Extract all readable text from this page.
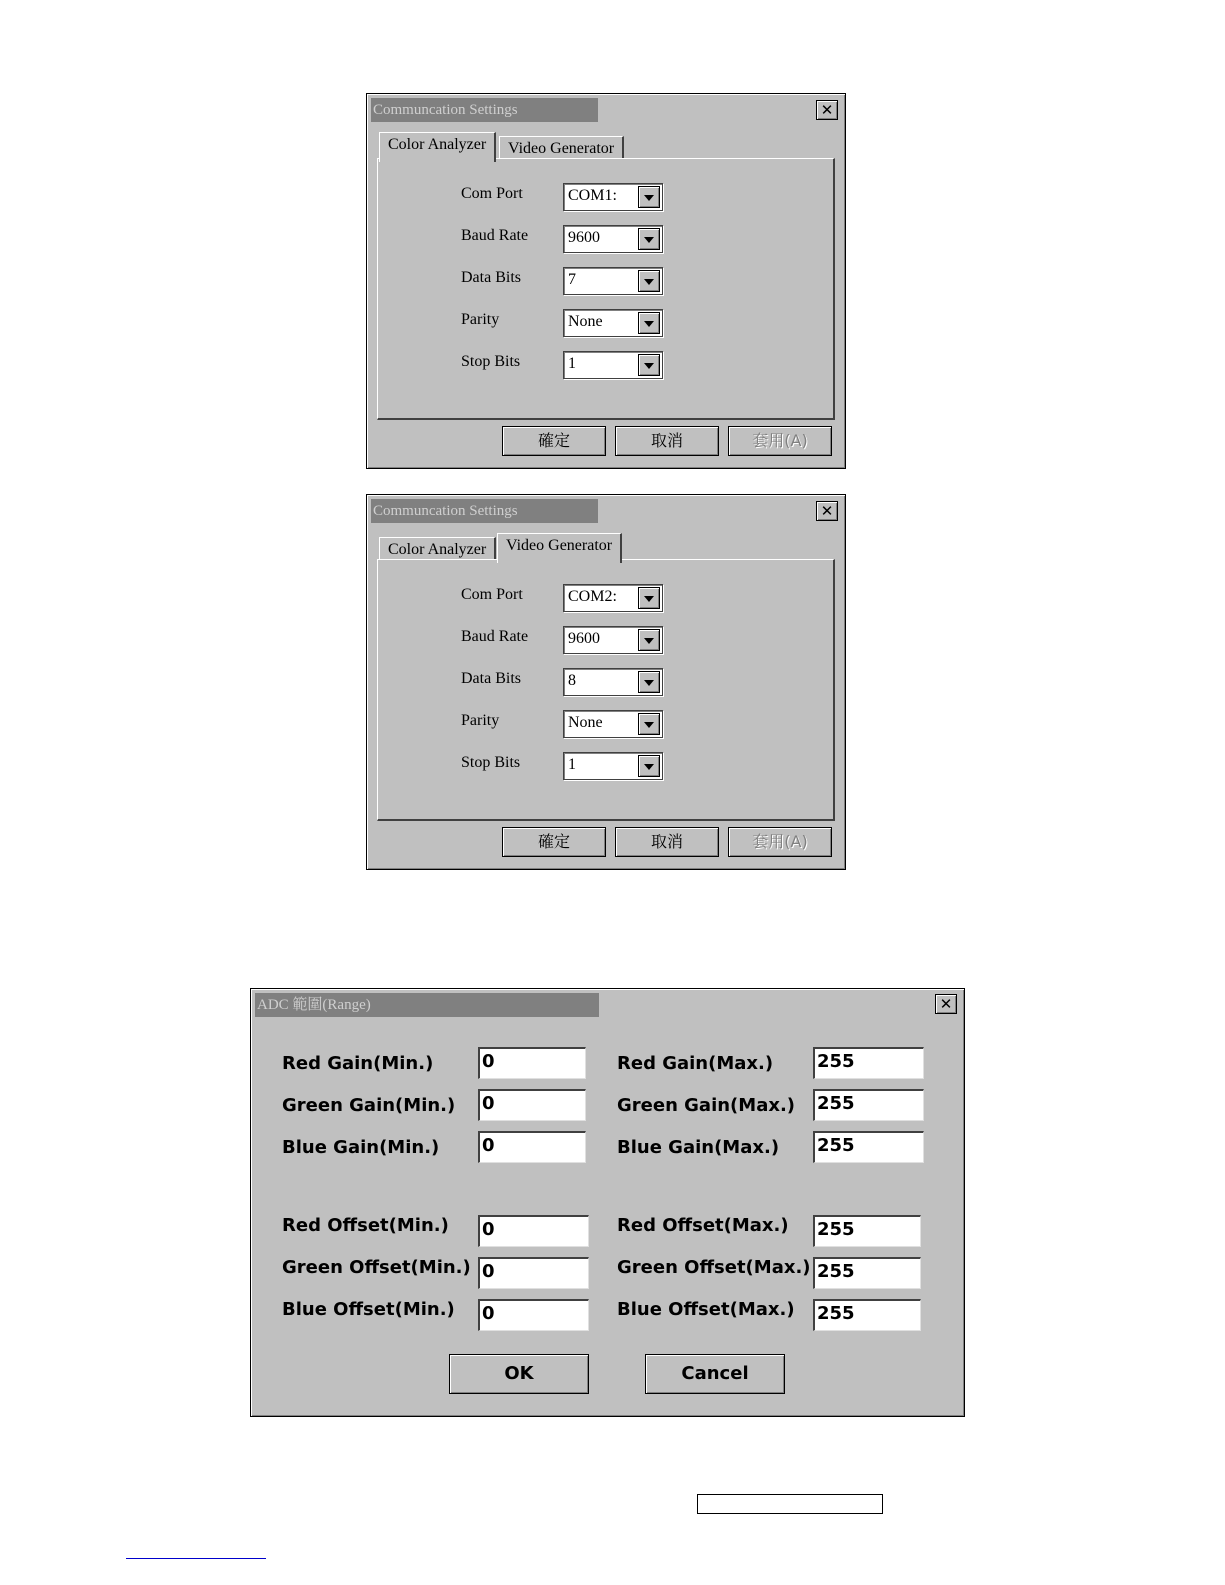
Communcation Settings	✕
Color Analyzer	Video Generator
Com Port	COM1:
Baud Rate 9600
Data Bits	7
Parity	None
Stop Bits	1
確定	取消	套用(A)
Communcation Settings	✕
Color Analyzer	Video Generator
Com Port	COM2:
Baud Rate 9600
Data Bits	8
Parity	None
Stop Bits	1
確定	取消	套用(A)
ADC 範圍(Range)	✕
Red Gain(Min.)	0	Red Gain(Max.) 255
Green Gain(Min.) 0	Green Gain(Max.) 255
Blue Gain(Min.) 0	Blue Gain(Max.) 255
Red Offset(Min.) 0	Red Offset(Max.) 255
Green Offset(Min.) 0	Green Offset(Max.) 255
Blue Offset(Min.) 0	Blue Offset(Max.) 255
OK	Cancel
